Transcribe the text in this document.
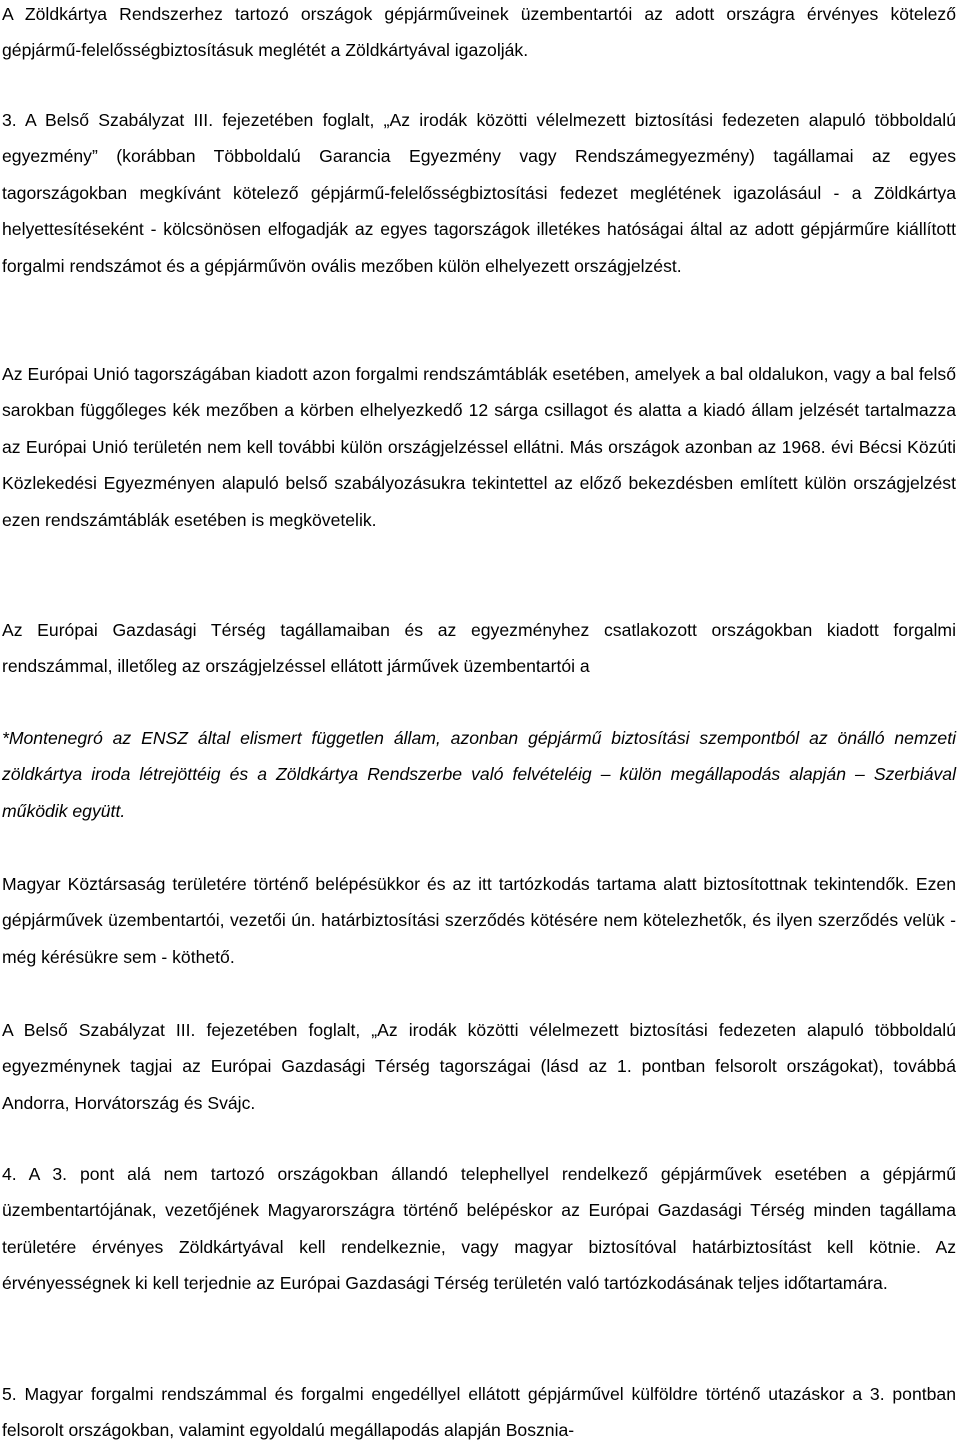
A Zöldkártya Rendszerhez tartozó országok gépjárműveinek üzembentartói az adott országra érvényes kötelező gépjármű-felelősségbiztosításuk meglétét a Zöldkártyával igazolják.

3. A Belső Szabályzat III. fejezetében foglalt, „Az irodák közötti vélelmezett biztosítási fedezeten alapuló többoldalú egyezmény” (korábban Többoldalú Garancia Egyezmény vagy Rendszámegyezmény) tagállamai az egyes tagországokban megkívánt kötelező gépjármű-felelősségbiztosítási fedezet meglétének igazolásául - a Zöldkártya helyettesítéseként - kölcsönösen elfogadják az egyes tagországok illetékes hatóságai által az adott gépjárműre kiállított forgalmi rendszámot és a gépjárművön ovális mezőben külön elhelyezett országjelzést.

Az Európai Unió tagországában kiadott azon forgalmi rendszámtáblák esetében, amelyek a bal oldalukon, vagy a bal felső sarokban függőleges kék mezőben a körben elhelyezkedő 12 sárga csillagot és alatta a kiadó állam jelzését tartalmazza az Európai Unió területén nem kell további külön országjelzéssel ellátni. Más országok azonban az 1968. évi Bécsi Közúti Közlekedési Egyezményen alapuló belső szabályozásukra tekintettel az előző bekezdésben említett külön országjelzést ezen rendszámtáblák esetében is megkövetelik.

Az Európai Gazdasági Térség tagállamaiban és az egyezményhez csatlakozott országokban kiadott forgalmi rendszámmal, illetőleg az országjelzéssel ellátott járművek üzembentartói a

*Montenegró az ENSZ által elismert független állam, azonban gépjármű biztosítási szempontból az önálló nemzeti zöldkártya iroda létrejöttéig és a Zöldkártya Rendszerbe való felvételéig – külön megállapodás alapján – Szerbiával működik együtt.

Magyar Köztársaság területére történő belépésükkor és az itt tartózkodás tartama alatt biztosítottnak tekintendők. Ezen gépjárművek üzembentartói, vezetői ún. határbiztosítási szerződés kötésére nem kötelezhetők, és ilyen szerződés velük - még kérésükre sem - köthető.

A Belső Szabályzat III. fejezetében foglalt, „Az irodák közötti vélelmezett biztosítási fedezeten alapuló többoldalú egyezménynek tagjai az Európai Gazdasági Térség tagországai (lásd az 1. pontban felsorolt országokat), továbbá Andorra, Horvátország és Svájc.

4. A 3. pont alá nem tartozó országokban állandó telephellyel rendelkező gépjárművek esetében a gépjármű üzembentartójának, vezetőjének Magyarországra történő belépéskor az Európai Gazdasági Térség minden tagállama területére érvényes Zöldkártyával kell rendelkeznie, vagy magyar biztosítóval határbiztosítást kell kötnie. Az érvényességnek ki kell terjednie az Európai Gazdasági Térség területén való tartózkodásának teljes időtartamára.

5. Magyar forgalmi rendszámmal és forgalmi engedéllyel ellátott gépjárművel külföldre történő utazáskor a 3. pontban felsorolt országokban, valamint egyoldalú megállapodás alapján Bosznia-
